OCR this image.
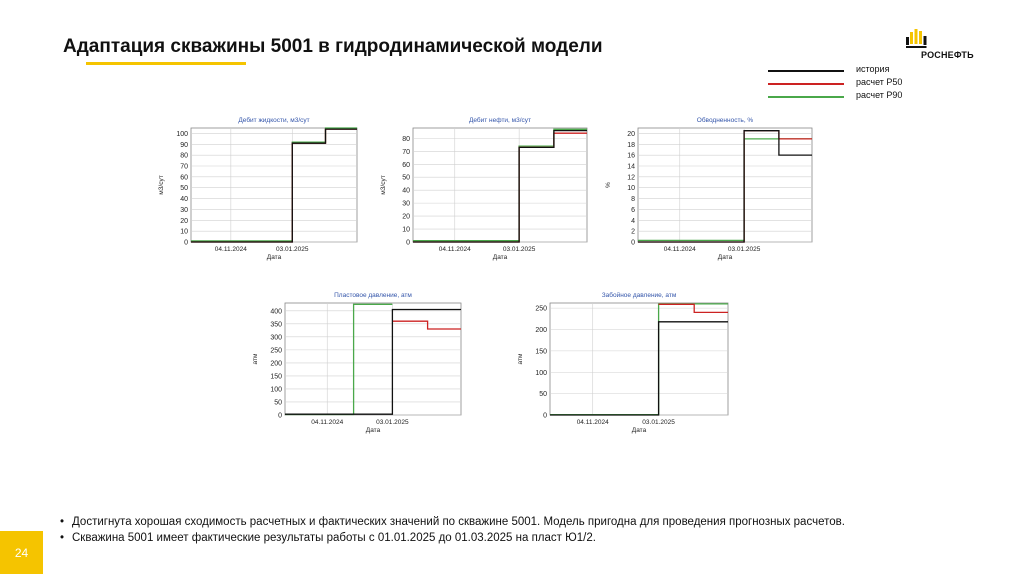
Адаптация скважины 5001 в гидродинамической модели	РОСНЕФТЬ
история
расчет P50
расчет P90
Дебит жидкости, м3/сут
0
10
20
30
40
50
60
70
80
90
100
04.11.2024	03.01.2025
Дата
м3/сут
Дебит нефти, м3/сут
0
10
20
30
40
50
60
70
80
04.11.2024	03.01.2025
Дата
м3/сут
Обводненность, %
0
2
4
6
8
10
12
14
16
18
20
04.11.2024	03.01.2025
Дата
%
Пластовое давление, атм
0
50
100
150
200
250
300
350
400
04.11.2024	03.01.2025
Дата
атм
Забойное давление, атм
0
50
100
150
200
250
04.11.2024	03.01.2025
Дата
атм
• Достигнута хорошая сходимость расчетных и фактических значений по скважине 5001. Модель пригодна для проведения прогнозных расчетов.
• Скважина 5001 имеет фактические результаты работы с 01.01.2025 до 01.03.2025 на пласт Ю1/2.
24
